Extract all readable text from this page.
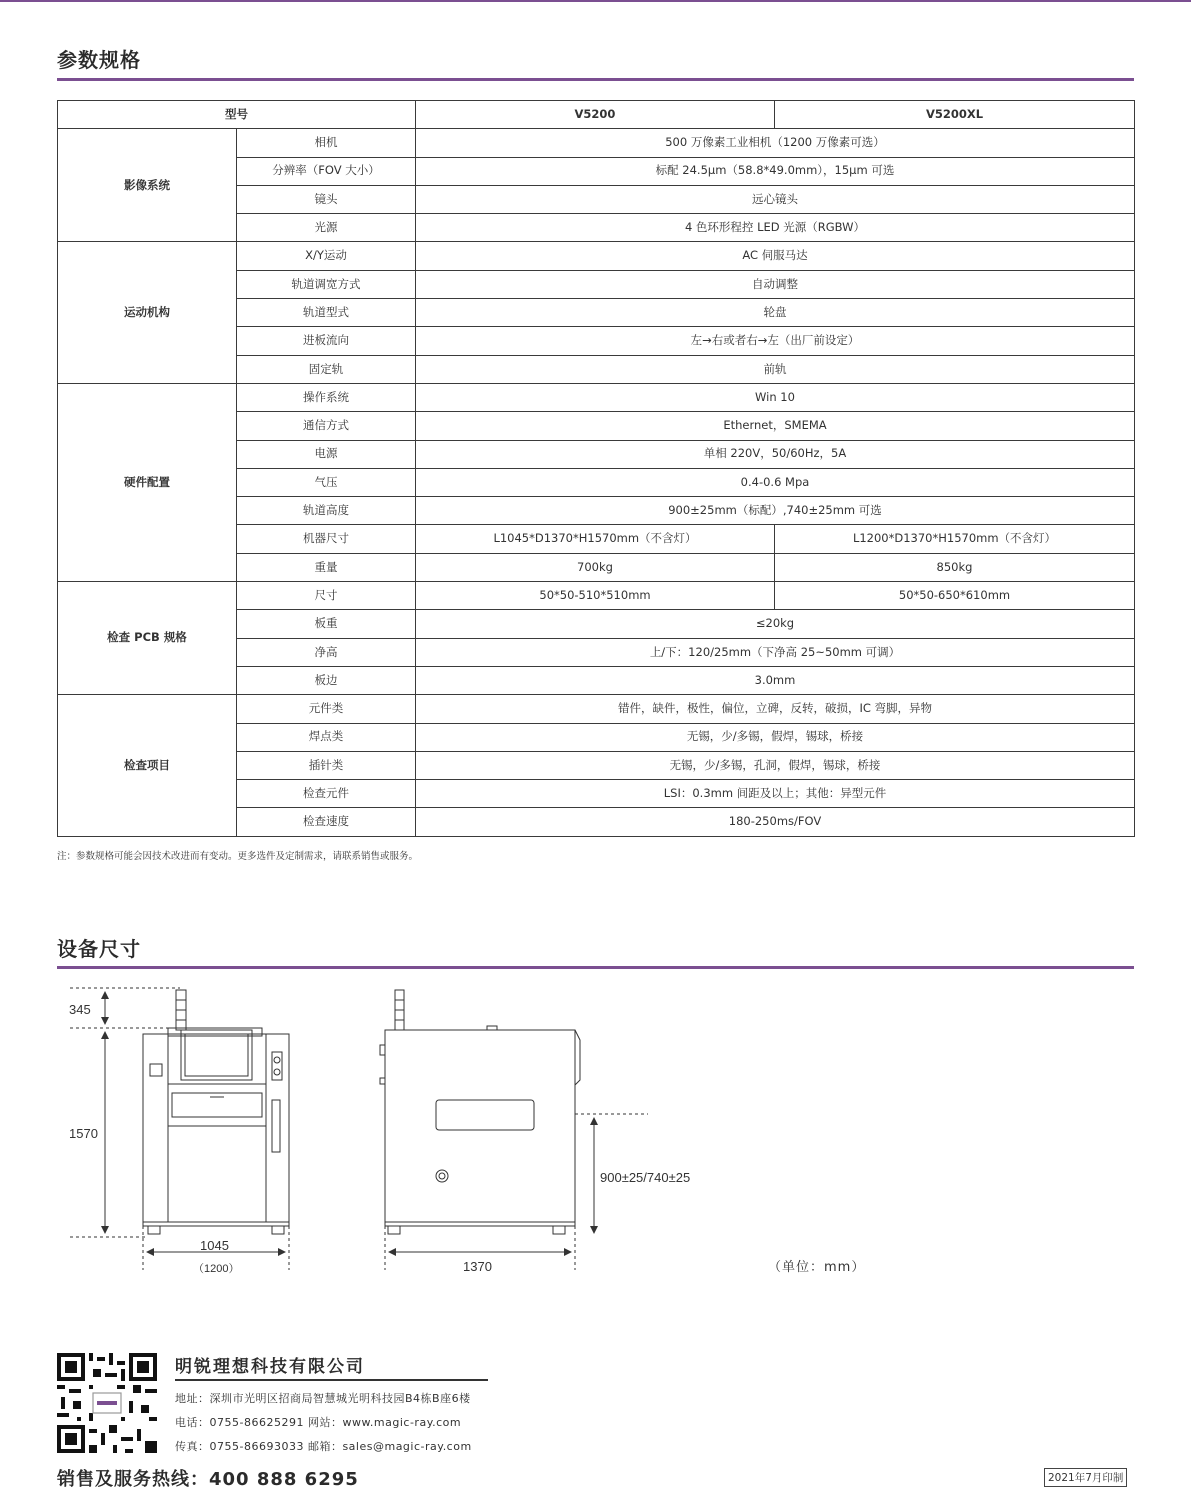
参数规格
型号		V5200	V5200XL
影像系统	相机	500 万像素工业相机（1200 万像素可选）	
	分辨率（FOV 大小）	标配 24.5μm（58.8*49.0mm），15μm 可选	
	镜头	远心镜头	
	光源	4 色环形程控 LED 光源（RGBW）	
运动机构	X/Y运动	AC 伺服马达	
	轨道调宽方式	自动调整	
	轨道型式	轮盘	
	进板流向	左→右或者右→左（出厂前设定）	
	固定轨	前轨	
硬件配置	操作系统	Win 10	
	通信方式	Ethernet，SMEMA	
	电源	单相 220V，50/60Hz，5A	
	气压	0.4-0.6 Mpa	
	轨道高度	900±25mm（标配）,740±25mm 可选	
	机器尺寸	L1045*D1370*H1570mm（不含灯）	L1200*D1370*H1570mm（不含灯）
	重量	700kg	850kg
检查 PCB 规格	尺寸	50*50-510*510mm	50*50-650*610mm
	板重	≤20kg	
	净高	上/下：120/25mm（下净高 25~50mm 可调）	
	板边	3.0mm	
检查项目	元件类	错件，缺件，极性，偏位，立碑，反转，破损，IC 弯脚，异物	
	焊点类	无锡，少/多锡，假焊，锡球，桥接	
	插针类	无锡，少/多锡，孔洞，假焊，锡球，桥接	
	检查元件	LSI：0.3mm 间距及以上；其他：异型元件	
	检查速度	180-250ms/FOV	
注：参数规格可能会因技术改进而有变动。更多选件及定制需求，请联系销售或服务。
设备尺寸
345
1570
1045
（1200）	1370
900±25/740±25
（单位：mm）
明锐理想科技有限公司
地址：深圳市光明区招商局智慧城光明科技园B4栋B座6楼
电话：0755-86625291 网站：www.magic-ray.com
传真：0755-86693033 邮箱：sales@magic-ray.com
销售及服务热线：400 888 6295	2021年7月印制
